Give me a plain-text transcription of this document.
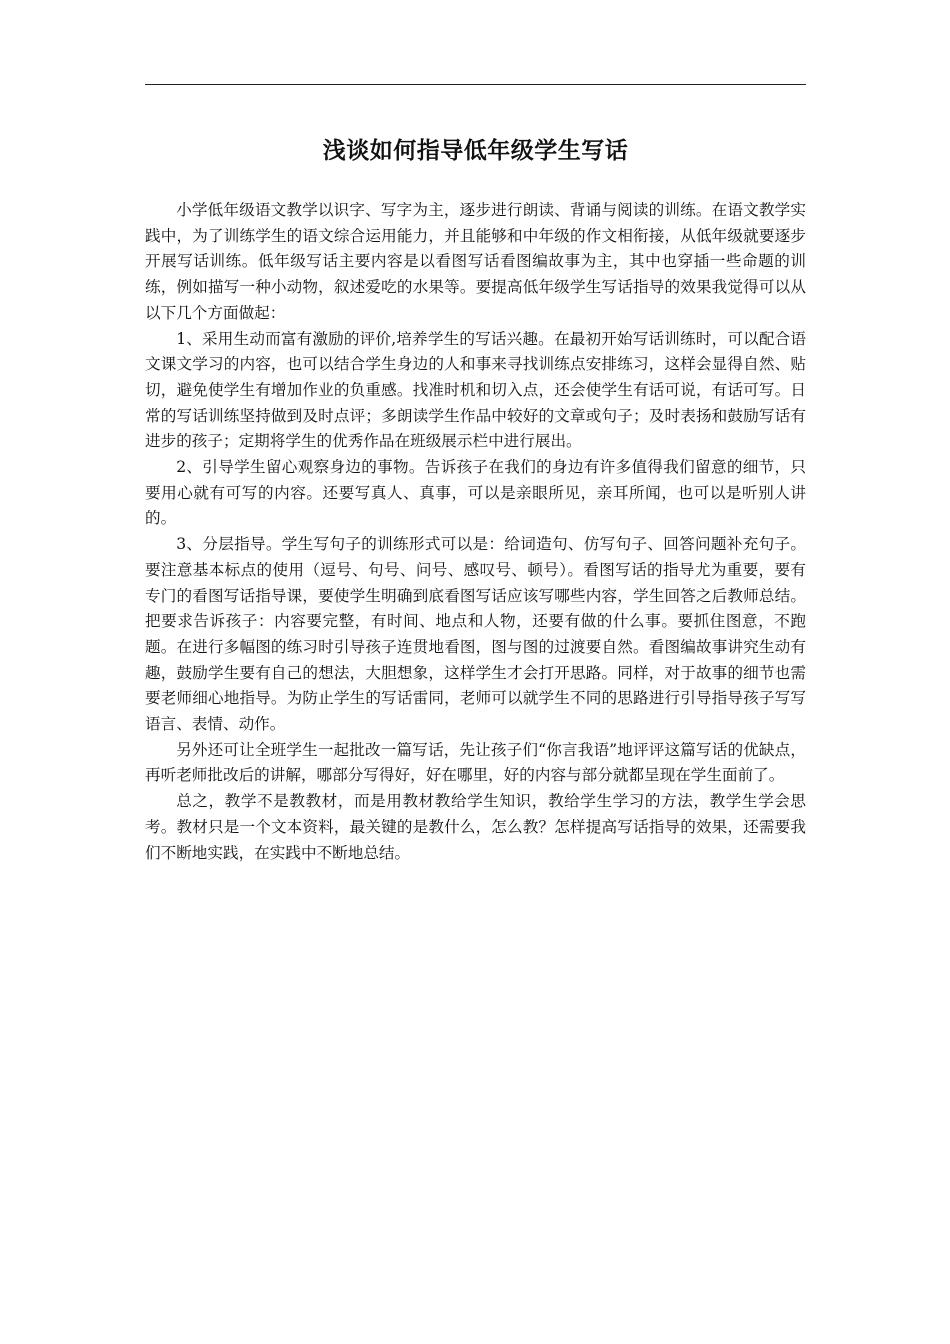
浅谈如何指导低年级学生写话

小学低年级语文教学以识字、写字为主，逐步进行朗读、背诵与阅读的训练。在语文教学实践中，为了训练学生的语文综合运用能力，并且能够和中年级的作文相衔接，从低年级就要逐步开展写话训练。低年级写话主要内容是以看图写话看图编故事为主，其中也穿插一些命题的训练，例如描写一种小动物，叙述爱吃的水果等。要提高低年级学生写话指导的效果我觉得可以从以下几个方面做起：

1、采用生动而富有激励的评价,培养学生的写话兴趣。在最初开始写话训练时，可以配合语文课文学习的内容，也可以结合学生身边的人和事来寻找训练点安排练习，这样会显得自然、贴切，避免使学生有增加作业的负重感。找准时机和切入点，还会使学生有话可说，有话可写。日常的写话训练坚持做到及时点评；多朗读学生作品中较好的文章或句子；及时表扬和鼓励写话有进步的孩子；定期将学生的优秀作品在班级展示栏中进行展出。

2、引导学生留心观察身边的事物。告诉孩子在我们的身边有许多值得我们留意的细节，只要用心就有可写的内容。还要写真人、真事，可以是亲眼所见，亲耳所闻，也可以是听别人讲的。

3、分层指导。学生写句子的训练形式可以是：给词造句、仿写句子、回答问题补充句子。要注意基本标点的使用（逗号、句号、问号、感叹号、顿号）。看图写话的指导尤为重要，要有专门的看图写话指导课，要使学生明确到底看图写话应该写哪些内容，学生回答之后教师总结。把要求告诉孩子：内容要完整，有时间、地点和人物，还要有做的什么事。要抓住图意，不跑题。在进行多幅图的练习时引导孩子连贯地看图，图与图的过渡要自然。看图编故事讲究生动有趣，鼓励学生要有自己的想法，大胆想象，这样学生才会打开思路。同样，对于故事的细节也需要老师细心地指导。为防止学生的写话雷同，老师可以就学生不同的思路进行引导指导孩子写写语言、表情、动作。

另外还可让全班学生一起批改一篇写话，先让孩子们“你言我语”地评评这篇写话的优缺点，再听老师批改后的讲解，哪部分写得好，好在哪里，好的内容与部分就都呈现在学生面前了。

总之，教学不是教教材，而是用教材教给学生知识，教给学生学习的方法，教学生学会思考。教材只是一个文本资料，最关键的是教什么，怎么教？怎样提高写话指导的效果，还需要我们不断地实践，在实践中不断地总结。
